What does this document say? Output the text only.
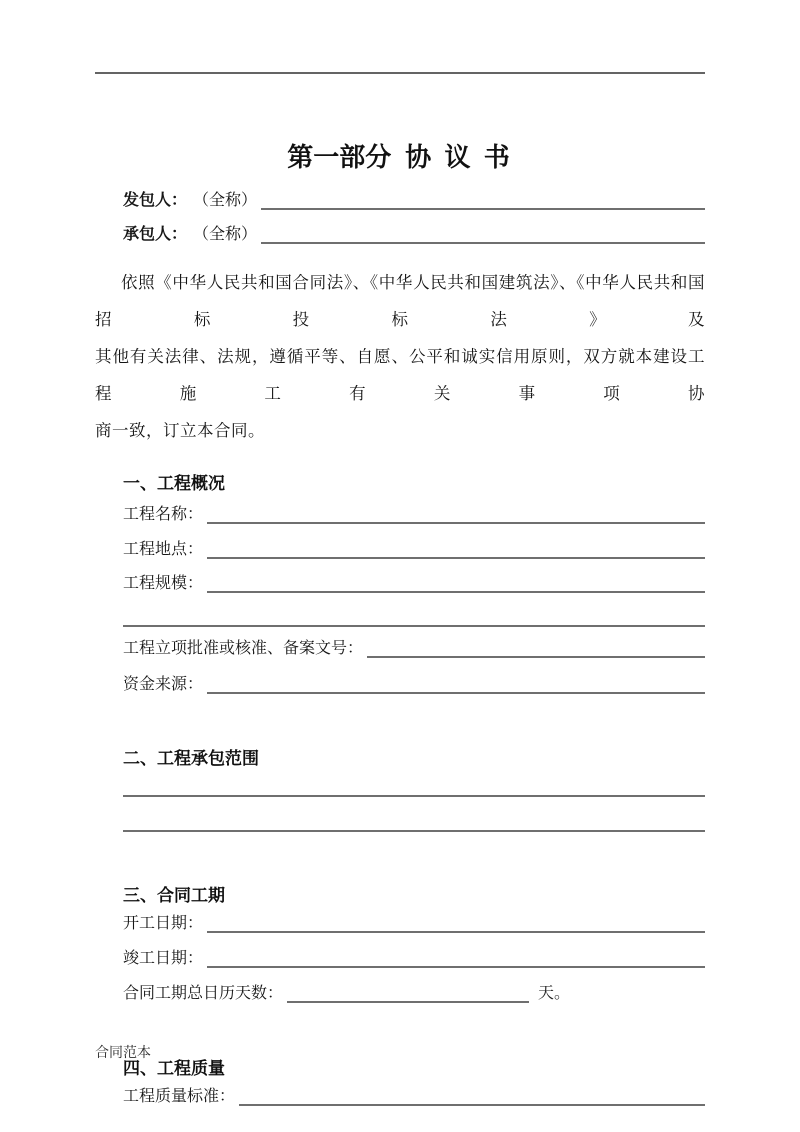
第一部分 协 议 书
发包人： （全称）
承包人： （全称）
依照《中华人民共和国合同法》、《中华人民共和国建筑法》、《中华人民共和国招标投标法》及
其他有关法律、法规，遵循平等、自愿、公平和诚实信用原则，双方就本建设工程施工有关事项协
商一致，订立本合同。
一、工程概况
工程名称：
工程地点：
工程规模：
工程立项批准或核准、备案文号：
资金来源：
二、工程承包范围
三、合同工期
开工日期：
竣工日期：
合同工期总日历天数：	天。
四、工程质量
工程质量标准：
合同范本
